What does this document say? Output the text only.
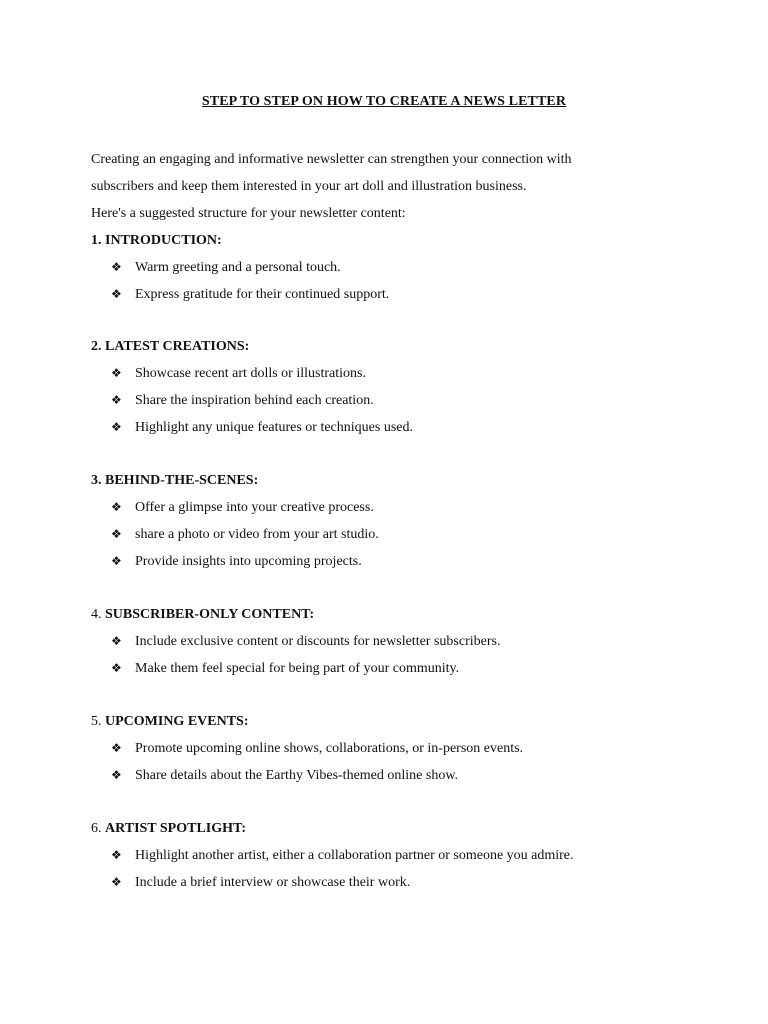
STEP TO STEP ON HOW TO CREATE A NEWS LETTER

Creating an engaging and informative newsletter can strengthen your connection with

subscribers and keep them interested in your art doll and illustration business.

Here's a suggested structure for your newsletter content:

1. INTRODUCTION:
❖ Warm greeting and a personal touch.
❖ Express gratitude for their continued support.
2. LATEST CREATIONS:
❖ Showcase recent art dolls or illustrations.
❖ Share the inspiration behind each creation.
❖ Highlight any unique features or techniques used.
3. BEHIND-THE-SCENES:
❖ Offer a glimpse into your creative process.
❖ share a photo or video from your art studio.
❖ Provide insights into upcoming projects.
4. SUBSCRIBER-ONLY CONTENT:
❖ Include exclusive content or discounts for newsletter subscribers.
❖ Make them feel special for being part of your community.
5. UPCOMING EVENTS:
❖ Promote upcoming online shows, collaborations, or in-person events.
❖ Share details about the Earthy Vibes-themed online show.
6. ARTIST SPOTLIGHT:
❖ Highlight another artist, either a collaboration partner or someone you admire.
❖ Include a brief interview or showcase their work.
